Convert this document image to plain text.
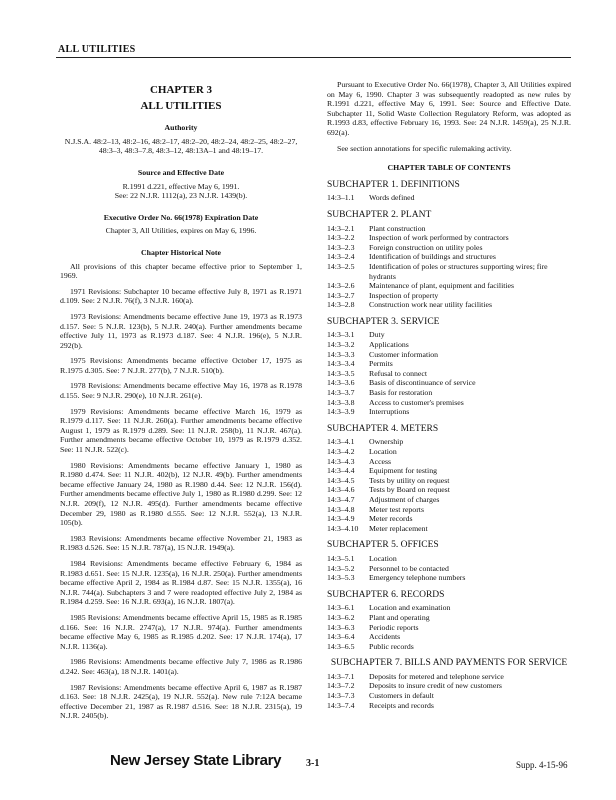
ALL UTILITIES
CHAPTER 3
ALL UTILITIES
Authority

N.J.S.A. 48:2–13, 48:2–16, 48:2–17, 48:2–20, 48:2–24, 48:2–25, 48:2–27, 48:3–3, 48:3–7.8, 48:3–12, 48:13A–1 and 48:19–17.

Source and Effective Date
R.1991 d.221, effective May 6, 1991.
See: 22 N.J.R. 1112(a), 23 N.J.R. 1439(b).
Executive Order No. 66(1978) Expiration Date
Chapter 3, All Utilities, expires on May 6, 1996.
Chapter Historical Note

All provisions of this chapter became effective prior to September 1, 1969.

1971 Revisions: Subchapter 10 became effective July 8, 1971 as R.1971 d.109. See: 2 N.J.R. 76(f), 3 N.J.R. 160(a).

1973 Revisions: Amendments became effective June 19, 1973 as R.1973 d.157. See: 5 N.J.R. 123(b), 5 N.J.R. 240(a). Further amendments became effective July 11, 1973 as R.1973 d.187. See: 4 N.J.R. 196(e), 5 N.J.R. 292(b).

1975 Revisions: Amendments became effective October 17, 1975 as R.1975 d.305. See: 7 N.J.R. 277(b), 7 N.J.R. 510(b).

1978 Revisions: Amendments became effective May 16, 1978 as R.1978 d.155. See: 9 N.J.R. 290(e), 10 N.J.R. 261(e).

1979 Revisions: Amendments became effective March 16, 1979 as R.1979 d.117. See: 11 N.J.R. 260(a). Further amendments became effective August 1, 1979 as R.1979 d.289. See: 11 N.J.R. 258(b), 11 N.J.R. 467(a). Further amendments became effective October 10, 1979 as R.1979 d.352. See: 11 N.J.R. 522(c).

1980 Revisions: Amendments became effective January 1, 1980 as R.1980 d.474. See: 11 N.J.R. 402(b), 12 N.J.R. 49(b). Further amendments became effective January 24, 1980 as R.1980 d.44. See: 12 N.J.R. 156(d). Further amendments became effective July 1, 1980 as R.1980 d.299. See: 12 N.J.R. 209(f), 12 N.J.R. 495(d). Further amendments became effective December 29, 1980 as R.1980 d.555. See: 12 N.J.R. 552(a), 13 N.J.R. 105(b).

1983 Revisions: Amendments became effective November 21, 1983 as R.1983 d.526. See: 15 N.J.R. 787(a), 15 N.J.R. 1949(a).

1984 Revisions: Amendments became effective February 6, 1984 as R.1983 d.651. See: 15 N.J.R. 1235(a), 16 N.J.R. 250(a). Further amendments became effective April 2, 1984 as R.1984 d.87. See: 15 N.J.R. 1355(a), 16 N.J.R. 744(a). Subchapters 3 and 7 were readopted effective July 2, 1984 as R.1984 d.259. See: 16 N.J.R. 693(a), 16 N.J.R. 1807(a).

1985 Revisions: Amendments became effective April 15, 1985 as R.1985 d.166. See: 16 N.J.R. 2747(a), 17 N.J.R. 974(a). Further amendments became effective May 6, 1985 as R.1985 d.202. See: 17 N.J.R. 174(a), 17 N.J.R. 1136(a).

1986 Revisions: Amendments became effective July 7, 1986 as R.1986 d.242. See: 463(a), 18 N.J.R. 1401(a).

1987 Revisions: Amendments became effective April 6, 1987 as R.1987 d.163. See: 18 N.J.R. 2425(a), 19 N.J.R. 552(a). New rule 7:12A became effective December 21, 1987 as R.1987 d.516. See: 18 N.J.R. 2315(a), 19 N.J.R. 2405(b).

Pursuant to Executive Order No. 66(1978), Chapter 3, All Utilities expired on May 6, 1990. Chapter 3 was subsequently readopted as new rules by R.1991 d.221, effective May 6, 1991. See: Source and Effective Date. Subchapter 11, Solid Waste Collection Regulatory Reform, was adopted as R.1993 d.83, effective February 16, 1993. See: 24 N.J.R. 1459(a), 25 N.J.R. 692(a).

See section annotations for specific rulemaking activity.

CHAPTER TABLE OF CONTENTS
SUBCHAPTER 1. DEFINITIONS
14:3–1.1	Words defined
SUBCHAPTER 2. PLANT
14:3–2.1	Plant construction
14:3–2.2	Inspection of work performed by contractors
14:3–2.3	Foreign construction on utility poles
14:3–2.4	Identification of buildings and structures
14:3–2.5	Identification of poles or structures supporting wires; fire hydrants
14:3–2.6	Maintenance of plant, equipment and facilities
14:3–2.7	Inspection of property
14:3–2.8	Construction work near utility facilities
SUBCHAPTER 3. SERVICE
14:3–3.1	Duty
14:3–3.2	Applications
14:3–3.3	Customer information
14:3–3.4	Permits
14:3–3.5	Refusal to connect
14:3–3.6	Basis of discontinuance of service
14:3–3.7	Basis for restoration
14:3–3.8	Access to customer's premises
14:3–3.9	Interruptions
SUBCHAPTER 4. METERS
14:3–4.1	Ownership
14:3–4.2	Location
14:3–4.3	Access
14:3–4.4	Equipment for testing
14:3–4.5	Tests by utility on request
14:3–4.6	Tests by Board on request
14:3–4.7	Adjustment of charges
14:3–4.8	Meter test reports
14:3–4.9	Meter records
14:3–4.10	Meter replacement
SUBCHAPTER 5. OFFICES
14:3–5.1	Location
14:3–5.2	Personnel to be contacted
14:3–5.3	Emergency telephone numbers
SUBCHAPTER 6. RECORDS
14:3–6.1	Location and examination
14:3–6.2	Plant and operating
14:3–6.3	Periodic reports
14:3–6.4	Accidents
14:3–6.5	Public records
SUBCHAPTER 7. BILLS AND PAYMENTS FOR SERVICE
14:3–7.1	Deposits for metered and telephone service
14:3–7.2	Deposits to insure credit of new customers
14:3–7.3	Customers in default
14:3–7.4	Receipts and records
New Jersey State Library 3-1	Supp. 4-15-96
